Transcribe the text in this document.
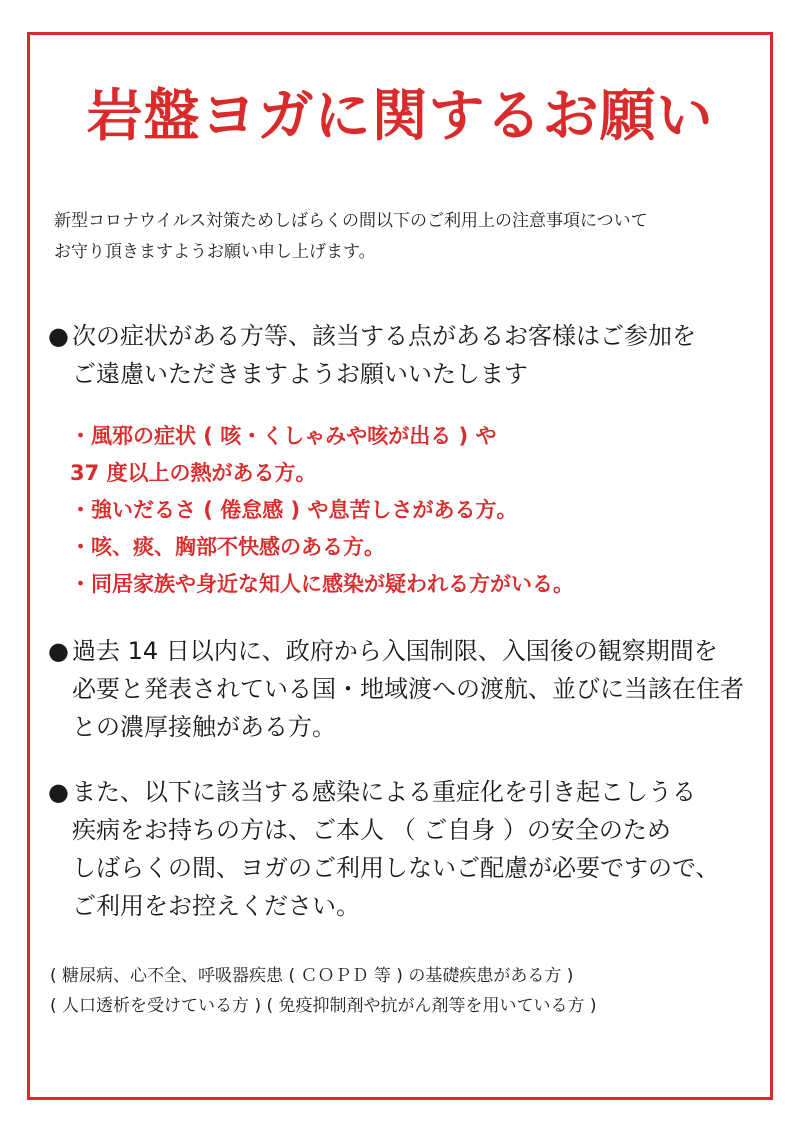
岩盤ヨガに関するお願い

新型コロナウイルス対策ためしばらくの間以下のご利用上の注意事項について

お守り頂きますようお願い申し上げます。

● 次の症状がある方等、該当する点があるお客様はご参加を
ご遠慮いただきますようお願いいたします
・風邪の症状 ( 咳・くしゃみや咳が出る ) や
37 度以上の熱がある方。
・強いだるさ ( 倦怠感 ) や息苦しさがある方。
・咳、痰、胸部不快感のある方。
・同居家族や身近な知人に感染が疑われる方がいる。
● 過去 14 日以内に、政府から入国制限、入国後の観察期間を
必要と発表されている国・地域渡への渡航、並びに当該在住者
との濃厚接触がある方。
● また、以下に該当する感染による重症化を引き起こしうる
疾病をお持ちの方は、ご本人 （ ご自身 ）の安全のため
しばらくの間、ヨガのご利用しないご配慮が必要ですので、
ご利用をお控えください。
( 糖尿病、心不全、呼吸器疾患 ( ＣＯＰＤ 等 ) の基礎疾患がある方 )
( 人口透析を受けている方 ) ( 免疫抑制剤や抗がん剤等を用いている方 )
